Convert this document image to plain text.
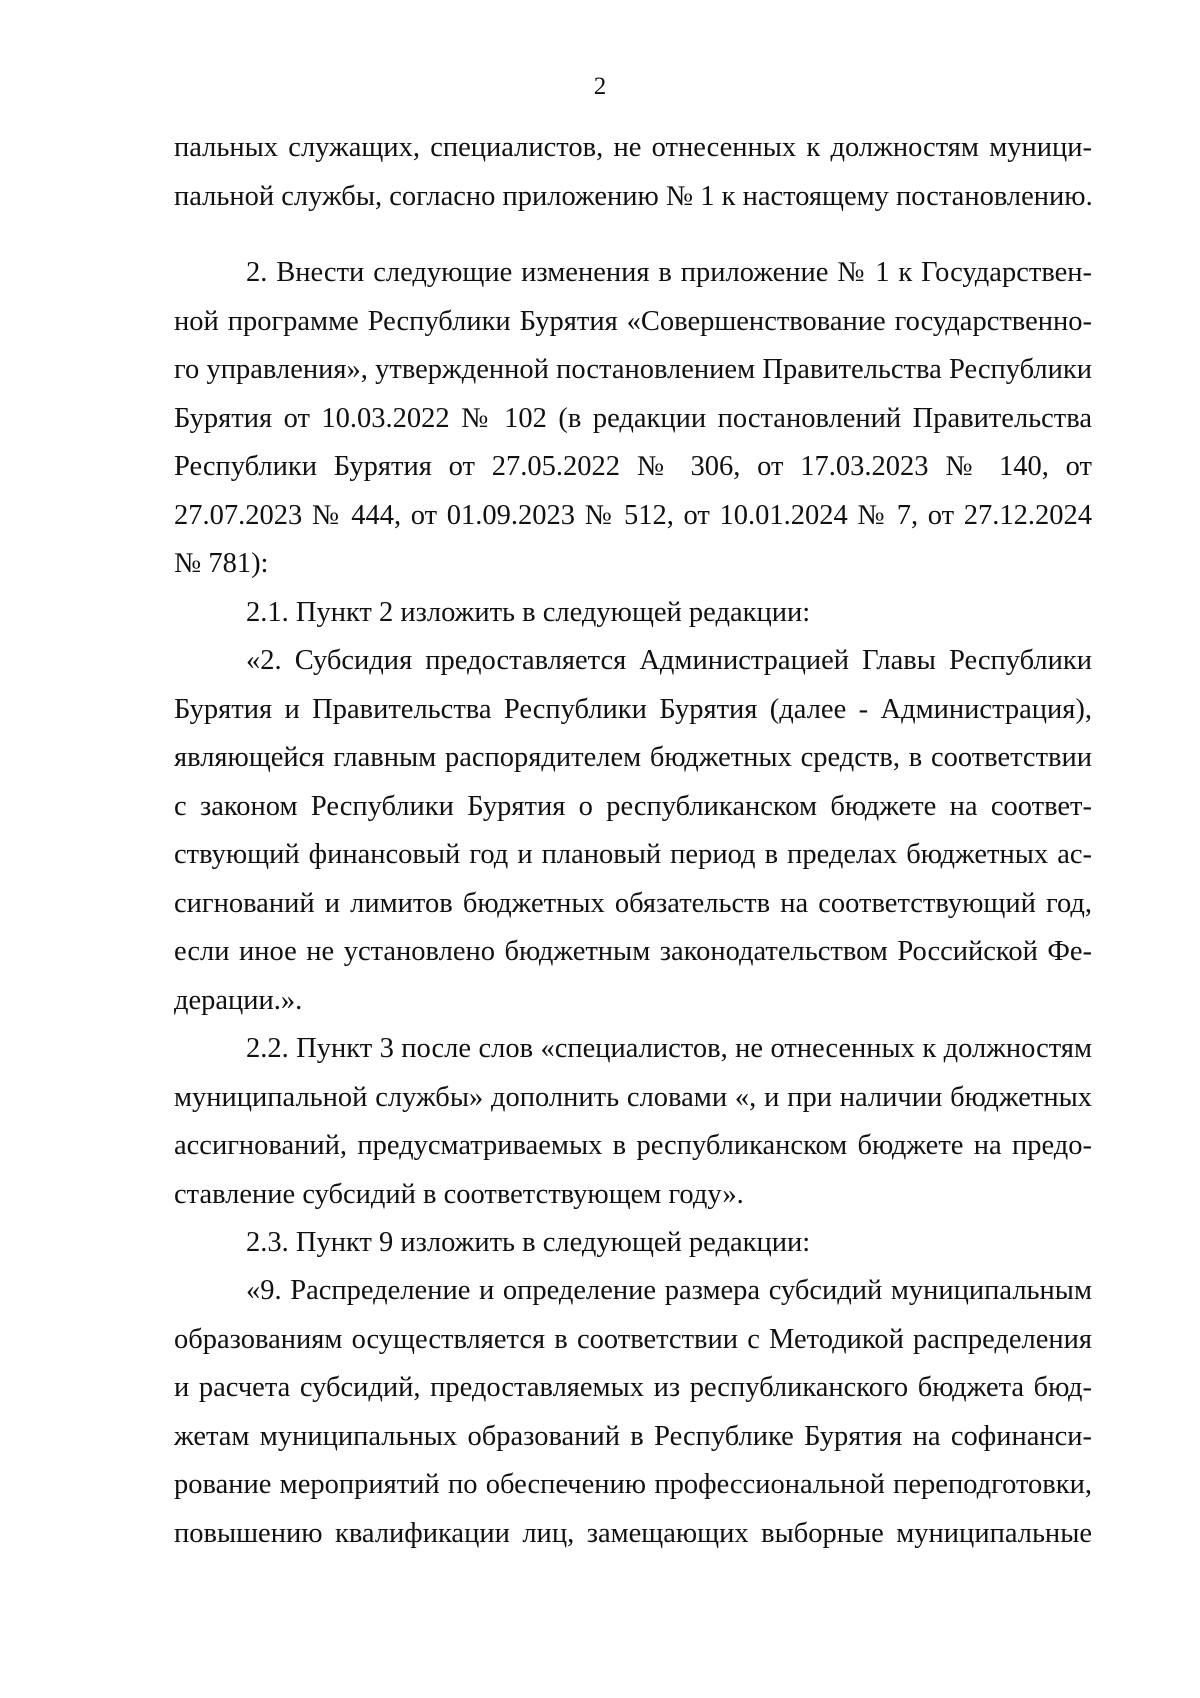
2

пальных служащих, специалистов, не отнесенных к должностям муници-
пальной службы, согласно приложению № 1 к настоящему постановлению.

2. Внести следующие изменения в приложение № 1 к Государствен-
ной программе Республики Бурятия «Совершенствование государственно-
го управления», утвержденной постановлением Правительства Республики
Бурятия от 10.03.2022 № 102 (в редакции постановлений Правительства
Республики Бурятия от 27.05.2022 № 306, от 17.03.2023 № 140, от
27.07.2023 № 444, от 01.09.2023 № 512, от 10.01.2024 № 7, от 27.12.2024
№ 781):

2.1. Пункт 2 изложить в следующей редакции:

«2. Субсидия предоставляется Администрацией Главы Республики
Бурятия и Правительства Республики Бурятия (далее - Администрация),
являющейся главным распорядителем бюджетных средств, в соответствии
с законом Республики Бурятия о республиканском бюджете на соответ-
ствующий финансовый год и плановый период в пределах бюджетных ас-
сигнований и лимитов бюджетных обязательств на соответствующий год,
если иное не установлено бюджетным законодательством Российской Фе-
дерации.».

2.2. Пункт 3 после слов «специалистов, не отнесенных к должностям
муниципальной службы» дополнить словами «, и при наличии бюджетных
ассигнований, предусматриваемых в республиканском бюджете на предо-
ставление субсидий в соответствующем году».

2.3. Пункт 9 изложить в следующей редакции:

«9. Распределение и определение размера субсидий муниципальным
образованиям осуществляется в соответствии с Методикой распределения
и расчета субсидий, предоставляемых из республиканского бюджета бюд-
жетам муниципальных образований в Республике Бурятия на софинанси-
рование мероприятий по обеспечению профессиональной переподготовки,
повышению квалификации лиц, замещающих выборные муниципальные
